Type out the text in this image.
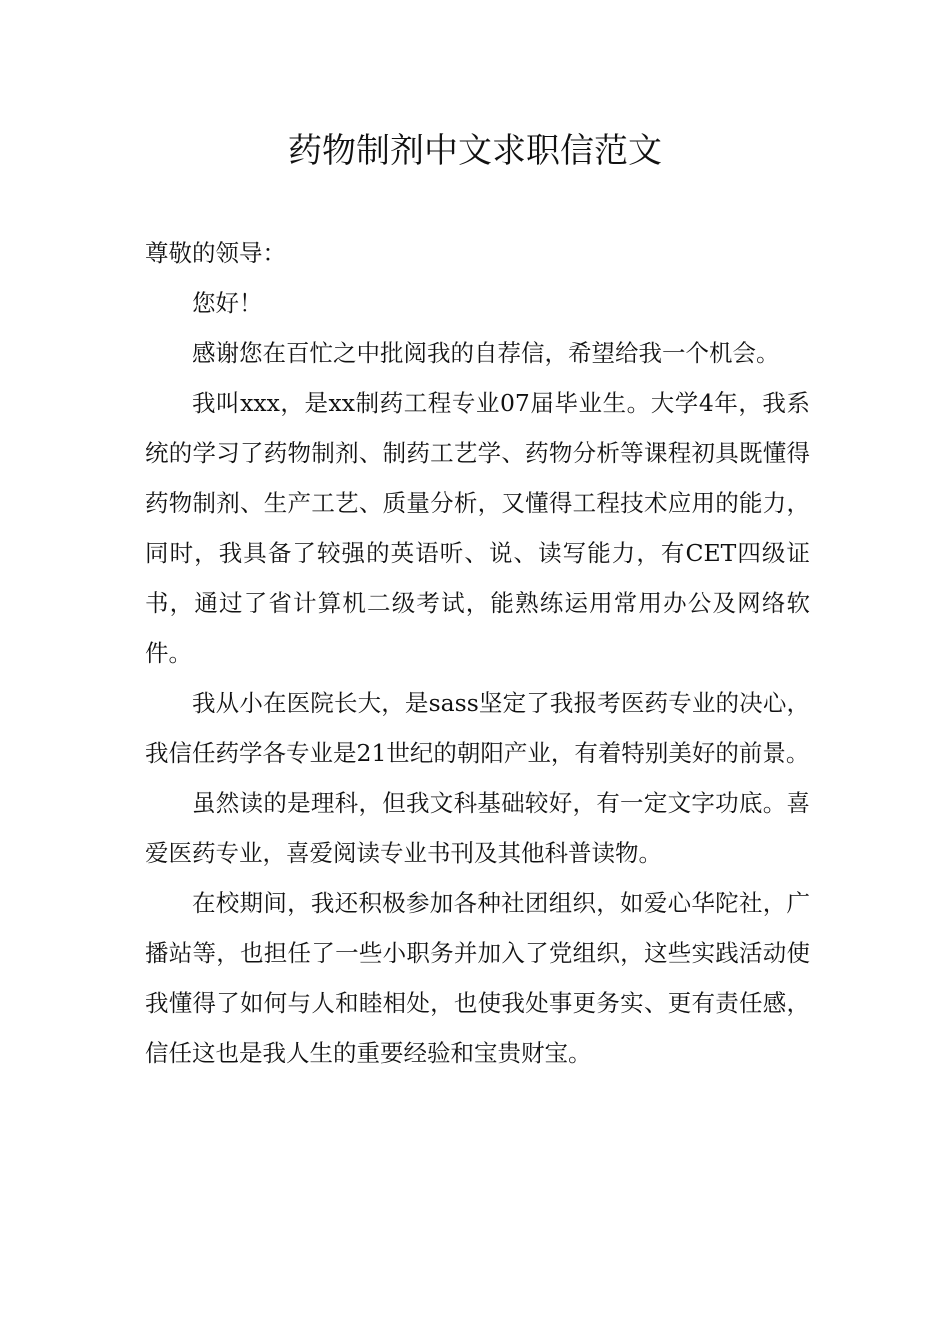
药物制剂中文求职信范文

尊敬的领导：

您好！

感谢您在百忙之中批阅我的自荐信，希望给我一个机会。

我叫xxx，是xx制药工程专业07届毕业生。大学4年，我系统的学习了药物制剂、制药工艺学、药物分析等课程初具既懂得药物制剂、生产工艺、质量分析，又懂得工程技术应用的能力，同时，我具备了较强的英语听、说、读写能力，有CET四级证书，通过了省计算机二级考试，能熟练运用常用办公及网络软件。

我从小在医院长大，是sass坚定了我报考医药专业的决心，我信任药学各专业是21世纪的朝阳产业，有着特别美好的前景。

虽然读的是理科，但我文科基础较好，有一定文字功底。喜爱医药专业，喜爱阅读专业书刊及其他科普读物。

在校期间，我还积极参加各种社团组织，如爱心华陀社，广播站等，也担任了一些小职务并加入了党组织，这些实践活动使我懂得了如何与人和睦相处，也使我处事更务实、更有责任感，信任这也是我人生的重要经验和宝贵财宝。
